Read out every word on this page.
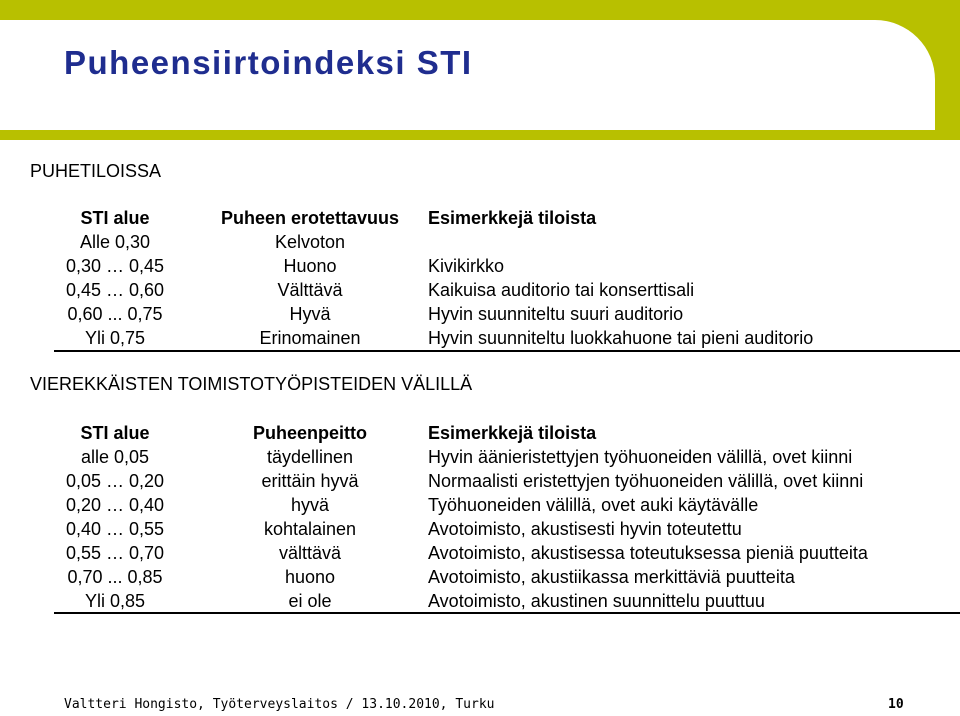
Puheensiirtoindeksi STI
PUHETILOISSA
STI alue	Puheen erotettavuus	Esimerkkejä tiloista
Alle 0,30	Kelvoton
0,30 … 0,45	Huono	Kivikirkko
0,45 … 0,60	Välttävä	Kaikuisa auditorio tai konserttisali
0,60 ... 0,75	Hyvä	Hyvin suunniteltu suuri auditorio
Yli 0,75	Erinomainen	Hyvin suunniteltu luokkahuone tai pieni auditorio
VIEREKKÄISTEN TOIMISTOTYÖPISTEIDEN VÄLILLÄ
STI alue	Puheenpeitto	Esimerkkejä tiloista
alle 0,05	täydellinen	Hyvin äänieristettyjen työhuoneiden välillä, ovet kiinni
0,05 … 0,20	erittäin hyvä	Normaalisti eristettyjen työhuoneiden välillä, ovet kiinni
0,20 … 0,40	hyvä	Työhuoneiden välillä, ovet auki käytävälle
0,40 … 0,55	kohtalainen	Avotoimisto, akustisesti hyvin toteutettu
0,55 … 0,70	välttävä	Avotoimisto, akustisessa toteutuksessa pieniä puutteita
0,70 ... 0,85	huono	Avotoimisto, akustiikassa merkittäviä puutteita
Yli 0,85	ei ole	Avotoimisto, akustinen suunnittelu puuttuu
Valtteri Hongisto, Työterveyslaitos / 13.10.2010, Turku	10
